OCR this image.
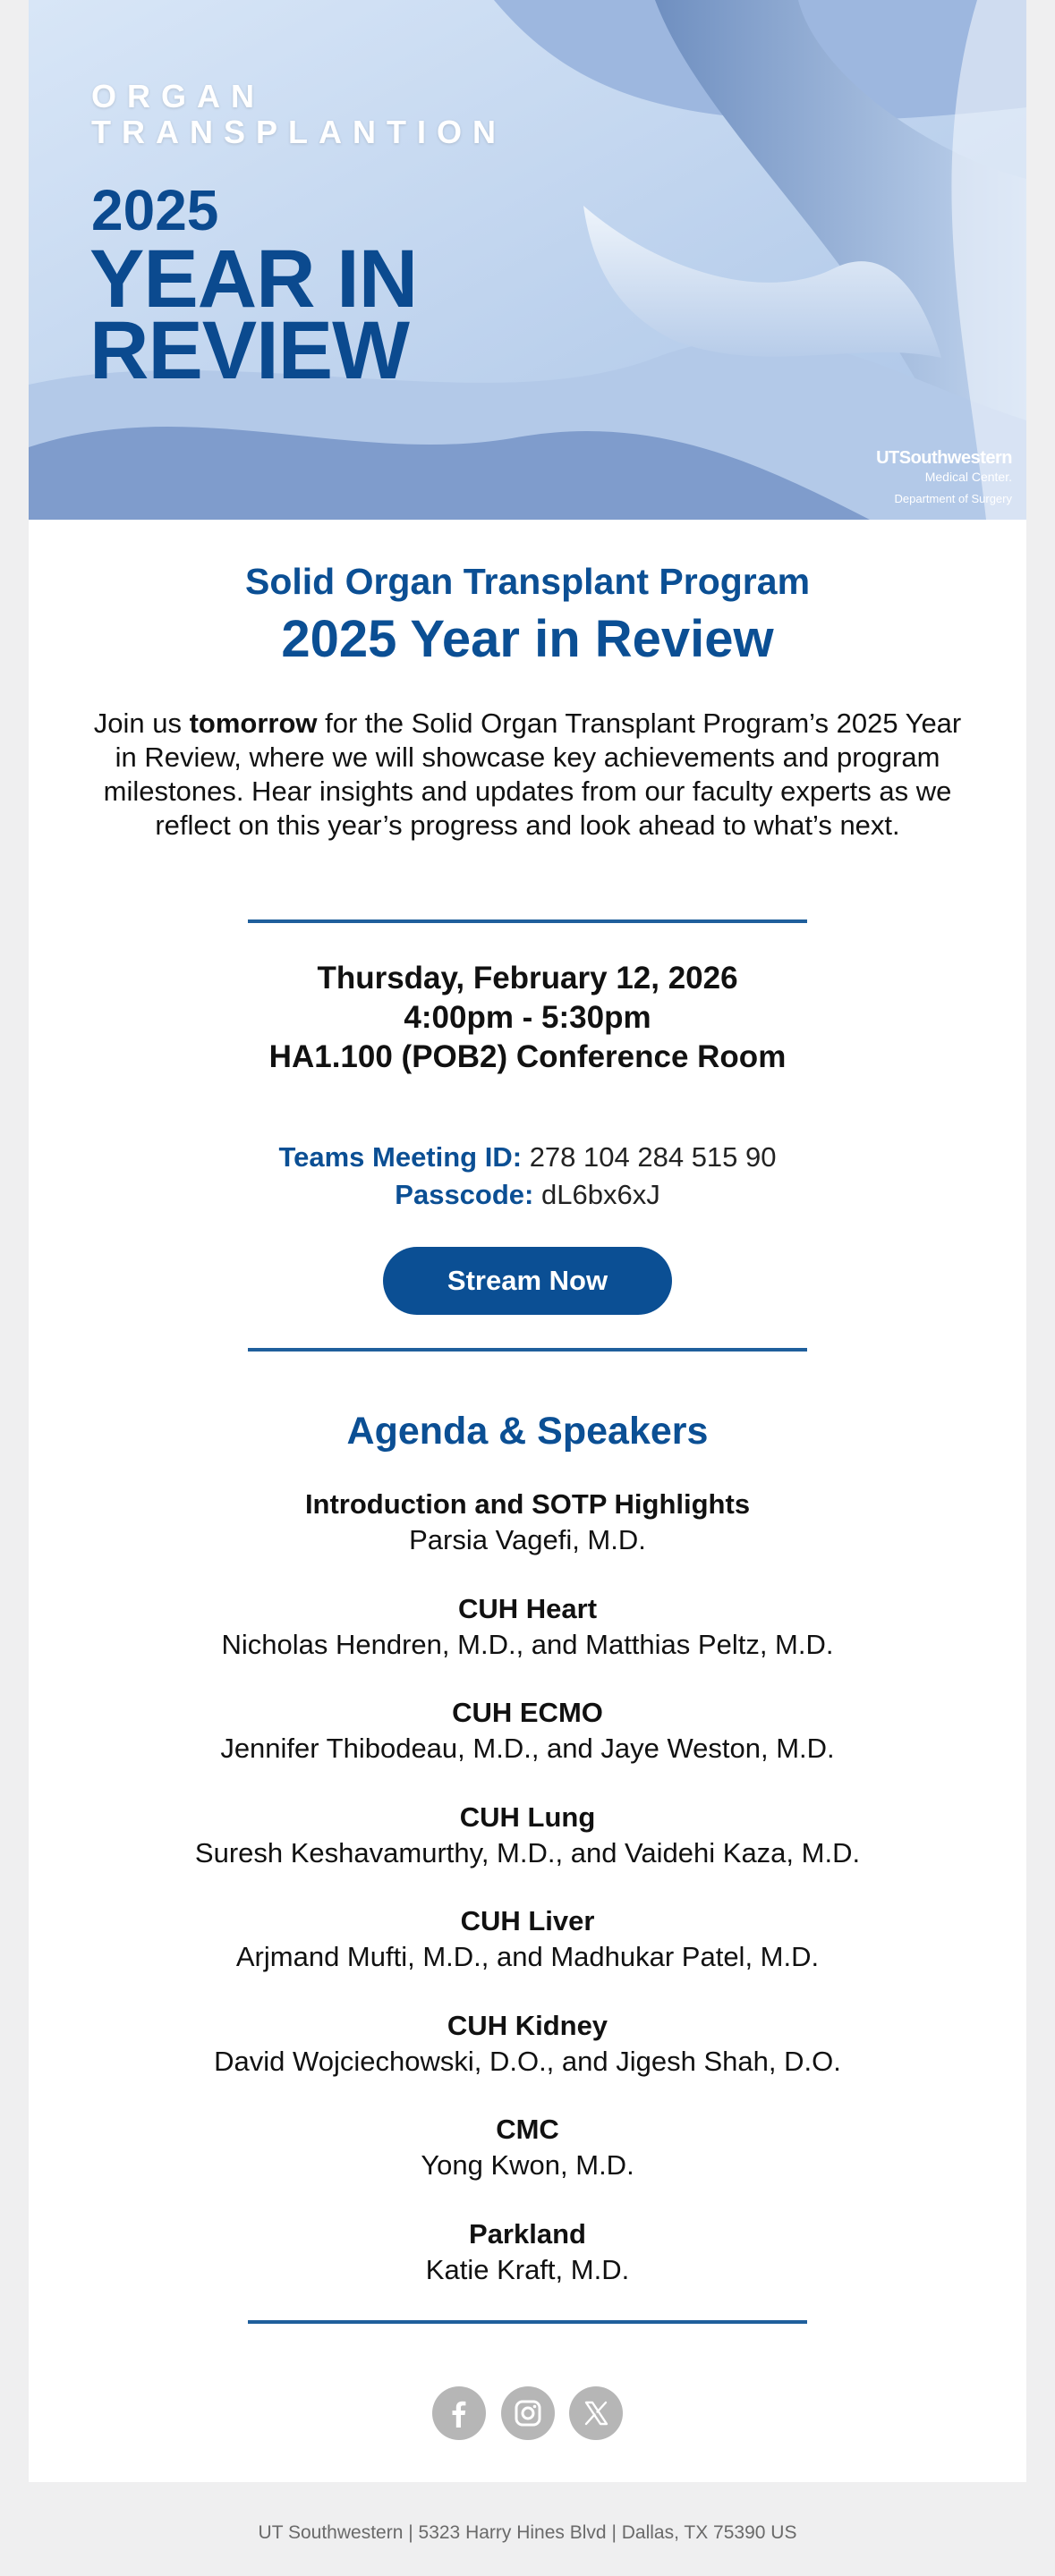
ORGAN
TRANSPLANTION
2025
YEAR IN
REVIEW
UTSouthwestern
Medical Center.
Department of Surgery
Solid Organ Transplant Program
2025 Year in Review
Join us tomorrow for the Solid Organ Transplant Program’s 2025 Year in Review, where we will showcase key achievements and program milestones. Hear insights and updates from our faculty experts as we reflect on this year’s progress and look ahead to what’s next.
Thursday, February 12, 2026
4:00pm - 5:30pm
HA1.100 (POB2) Conference Room
Teams Meeting ID: 278 104 284 515 90
Passcode: dL6bx6xJ
Stream Now
Agenda & Speakers
Introduction and SOTP Highlights
Parsia Vagefi, M.D.
CUH Heart
Nicholas Hendren, M.D., and Matthias Peltz, M.D.
CUH ECMO
Jennifer Thibodeau, M.D., and Jaye Weston, M.D.
CUH Lung
Suresh Keshavamurthy, M.D., and Vaidehi Kaza, M.D.
CUH Liver
Arjmand Mufti, M.D., and Madhukar Patel, M.D.
CUH Kidney
David Wojciechowski, D.O., and Jigesh Shah, D.O.
CMC
Yong Kwon, M.D.
Parkland
Katie Kraft, M.D.

UT Southwestern | 5323 Harry Hines Blvd | Dallas, TX 75390 US
